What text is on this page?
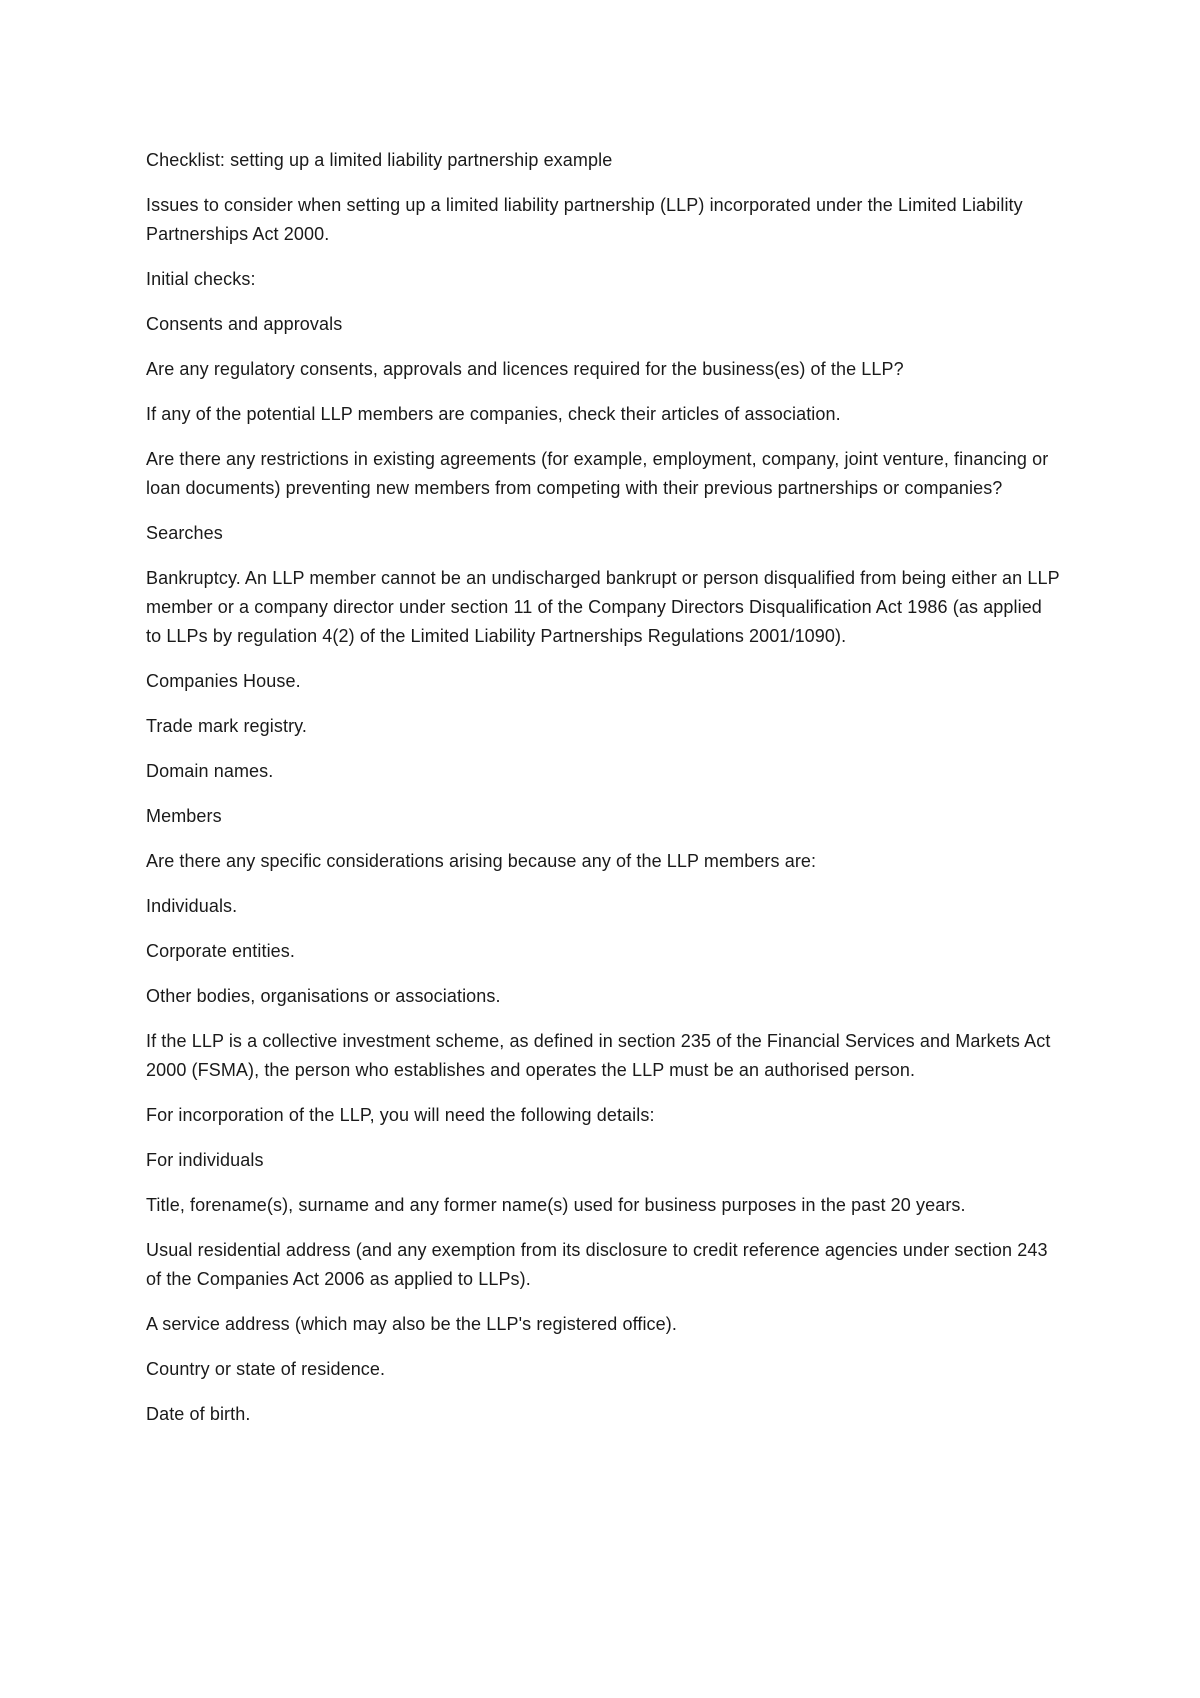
Checklist: setting up a limited liability partnership example

Issues to consider when setting up a limited liability partnership (LLP) incorporated under the Limited Liability Partnerships Act 2000.

Initial checks:

Consents and approvals

Are any regulatory consents, approvals and licences required for the business(es) of the LLP?

If any of the potential LLP members are companies, check their articles of association.

Are there any restrictions in existing agreements (for example, employment, company, joint venture, financing or loan documents) preventing new members from competing with their previous partnerships or companies?

Searches

Bankruptcy. An LLP member cannot be an undischarged bankrupt or person disqualified from being either an LLP member or a company director under section 11 of the Company Directors Disqualification Act 1986 (as applied to LLPs by regulation 4(2) of the Limited Liability Partnerships Regulations 2001/1090).

Companies House.

Trade mark registry.

Domain names.

Members

Are there any specific considerations arising because any of the LLP members are:

Individuals.

Corporate entities.

Other bodies, organisations or associations.

If the LLP is a collective investment scheme, as defined in section 235 of the Financial Services and Markets Act 2000 (FSMA), the person who establishes and operates the LLP must be an authorised person.

For incorporation of the LLP, you will need the following details:

For individuals

Title, forename(s), surname and any former name(s) used for business purposes in the past 20 years.

Usual residential address (and any exemption from its disclosure to credit reference agencies under section 243 of the Companies Act 2006 as applied to LLPs).

A service address (which may also be the LLP's registered office).

Country or state of residence.

Date of birth.
